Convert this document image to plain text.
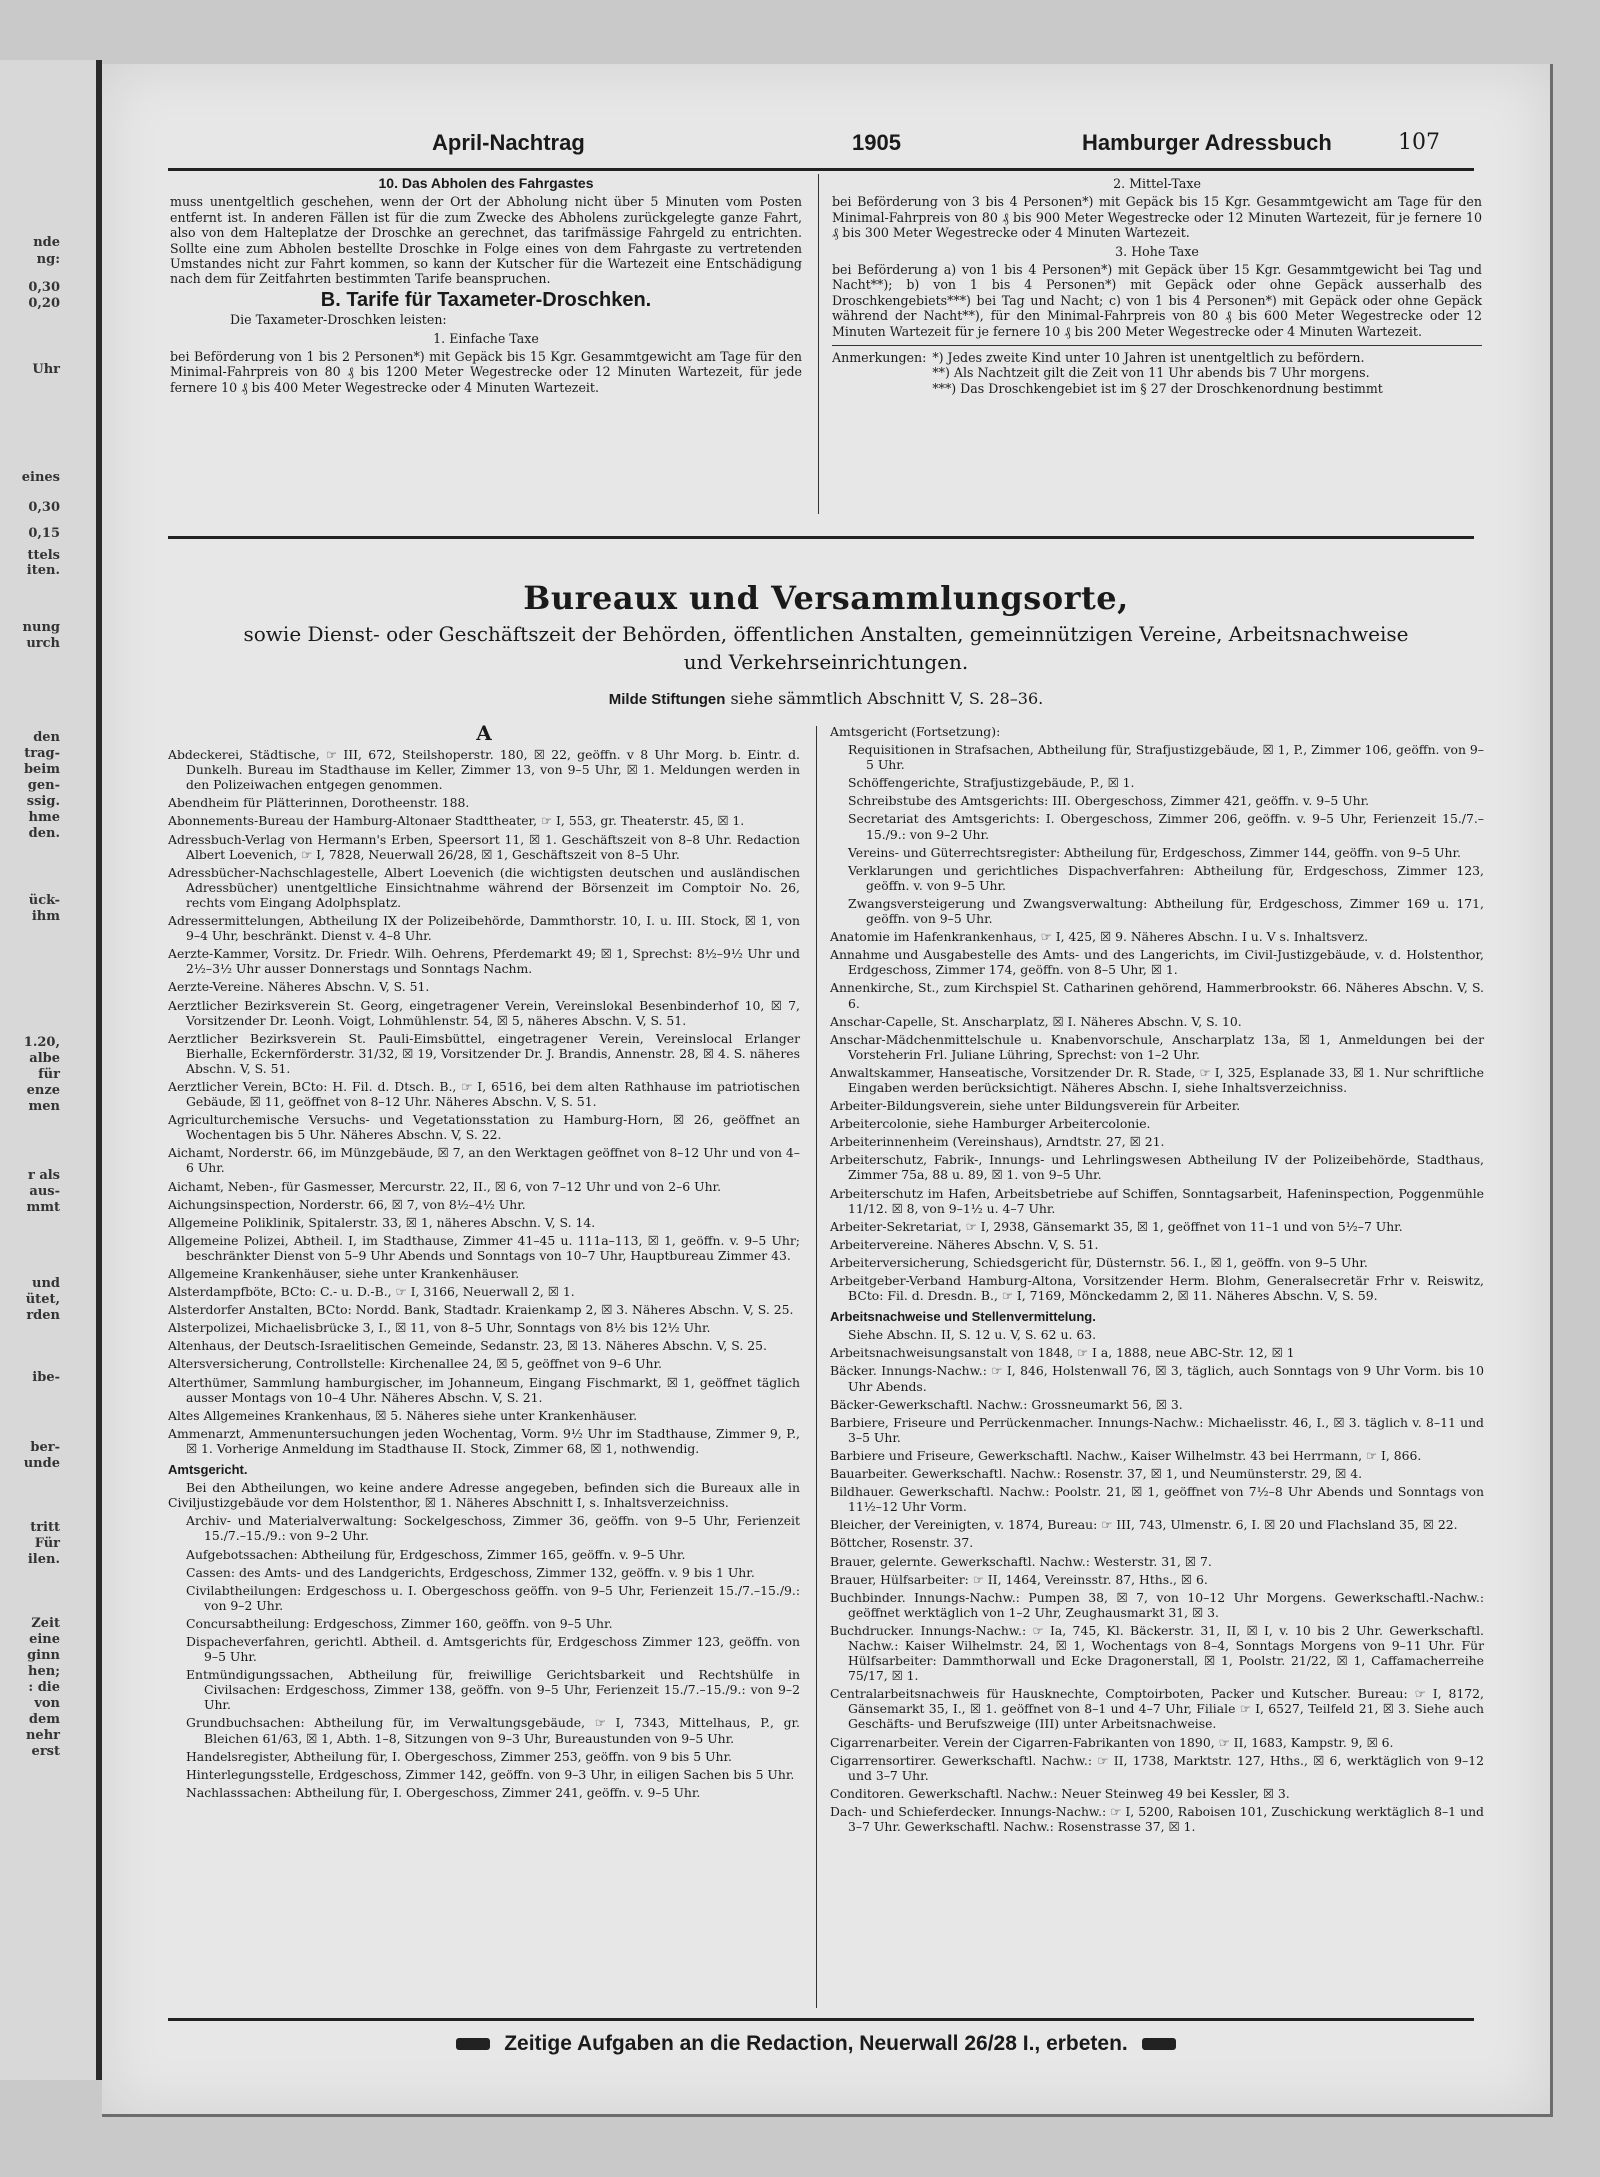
nde
ng:
0,30
0,20
Uhr
eines
0,30
0,15
ttels
iten.
nung
urch
den
trag-
beim
gen-
ssig.
hme
den.
ück-
ihm
1.20,
albe
für
enze
men
r als
aus-
mmt
und
ütet,
rden
ibe-
ber-
unde
tritt
Für
ilen.
Zeit
eine
ginn
hen;
: die
von
dem
nehr
erst
April-Nachtrag	1905	Hamburger Adressbuch	107

10. Das Abholen des Fahrgastes

muss unentgeltlich geschehen, wenn der Ort der Abholung nicht über 5 Minuten vom Posten entfernt ist. In anderen Fällen ist für die zum Zwecke des Abholens zurückgelegte ganze Fahrt, also von dem Halteplatze der Droschke an gerechnet, das tarifmässige Fahrgeld zu entrichten. Sollte eine zum Abholen bestellte Droschke in Folge eines von dem Fahrgaste zu vertretenden Umstandes nicht zur Fahrt kommen, so kann der Kutscher für die Wartezeit eine Entschädigung nach dem für Zeitfahrten bestimmten Tarife beanspruchen.

B. Tarife für Taxameter-Droschken.

Die Taxameter-Droschken leisten:

1. Einfache Taxe

bei Beförderung von 1 bis 2 Personen*) mit Gepäck bis 15 Kgr. Gesammtgewicht am Tage für den Minimal-Fahrpreis von 80 ₰ bis 1200 Meter Wegestrecke oder 12 Minuten Wartezeit, für jede fernere 10 ₰ bis 400 Meter Wegestrecke oder 4 Minuten Wartezeit.

2. Mittel-Taxe

bei Beförderung von 3 bis 4 Personen*) mit Gepäck bis 15 Kgr. Gesammtgewicht am Tage für den Minimal-Fahrpreis von 80 ₰ bis 900 Meter Wegestrecke oder 12 Minuten Wartezeit, für je fernere 10 ₰ bis 300 Meter Wegestrecke oder 4 Minuten Wartezeit.

3. Hohe Taxe

bei Beförderung a) von 1 bis 4 Personen*) mit Gepäck über 15 Kgr. Gesammtgewicht bei Tag und Nacht**); b) von 1 bis 4 Personen*) mit Gepäck oder ohne Gepäck ausserhalb des Droschkengebiets***) bei Tag und Nacht; c) von 1 bis 4 Personen*) mit Gepäck oder ohne Gepäck während der Nacht**), für den Minimal-Fahrpreis von 80 ₰ bis 600 Meter Wegestrecke oder 12 Minuten Wartezeit für je fernere 10 ₰ bis 200 Meter Wegestrecke oder 4 Minuten Wartezeit.

Anmerkungen: *) Jedes zweite Kind unter 10 Jahren ist unentgeltlich zu befördern.
**) Als Nachtzeit gilt die Zeit von 11 Uhr abends bis 7 Uhr morgens.
***) Das Droschkengebiet ist im § 27 der Droschkenordnung bestimmt
Bureaux und Versammlungsorte,
sowie Dienst- oder Geschäftszeit der Behörden, öffentlichen Anstalten, gemeinnützigen Vereine, Arbeitsnachweise
und Verkehrseinrichtungen.
Milde Stiftungen siehe sämmtlich Abschnitt V, S. 28–36.

A

Abdeckerei, Städtische, ☞ III, 672, Steilshoperstr. 180, ☒ 22, geöffn. v 8 Uhr Morg. b. Eintr. d. Dunkelh. Bureau im Stadthause im Keller, Zimmer 13, von 9–5 Uhr, ☒ 1. Meldungen werden in den Polizeiwachen entgegen genommen.

Abendheim für Plätterinnen, Dorotheenstr. 188.

Abonnements-Bureau der Hamburg-Altonaer Stadttheater, ☞ I, 553, gr. Theaterstr. 45, ☒ 1.

Adressbuch-Verlag von Hermann's Erben, Speersort 11, ☒ 1. Geschäftszeit von 8–8 Uhr. Redaction Albert Loevenich, ☞ I, 7828, Neuerwall 26/28, ☒ 1, Geschäftszeit von 8–5 Uhr.

Adressbücher-Nachschlagestelle, Albert Loevenich (die wichtigsten deutschen und ausländischen Adressbücher) unentgeltliche Einsichtnahme während der Börsenzeit im Comptoir No. 26, rechts vom Eingang Adolphsplatz.

Adressermittelungen, Abtheilung IX der Polizeibehörde, Dammthorstr. 10, I. u. III. Stock, ☒ 1, von 9–4 Uhr, beschränkt. Dienst v. 4–8 Uhr.

Aerzte-Kammer, Vorsitz. Dr. Friedr. Wilh. Oehrens, Pferdemarkt 49; ☒ 1, Sprechst: 8½–9½ Uhr und 2½–3½ Uhr ausser Donnerstags und Sonntags Nachm.

Aerzte-Vereine. Näheres Abschn. V, S. 51.

Aerztlicher Bezirksverein St. Georg, eingetragener Verein, Vereinslokal Besenbinderhof 10, ☒ 7, Vorsitzender Dr. Leonh. Voigt, Lohmühlenstr. 54, ☒ 5, näheres Abschn. V, S. 51.

Aerztlicher Bezirksverein St. Pauli-Eimsbüttel, eingetragener Verein, Vereinslocal Erlanger Bierhalle, Eckernförderstr. 31/32, ☒ 19, Vorsitzender Dr. J. Brandis, Annenstr. 28, ☒ 4. S. näheres Abschn. V, S. 51.

Aerztlicher Verein, BCto: H. Fil. d. Dtsch. B., ☞ I, 6516, bei dem alten Rathhause im patriotischen Gebäude, ☒ 11, geöffnet von 8–12 Uhr. Näheres Abschn. V, S. 51.

Agriculturchemische Versuchs- und Vegetationsstation zu Hamburg-Horn, ☒ 26, geöffnet an Wochentagen bis 5 Uhr. Näheres Abschn. V, S. 22.

Aichamt, Norderstr. 66, im Münzgebäude, ☒ 7, an den Werktagen geöffnet von 8–12 Uhr und von 4–6 Uhr.

Aichamt, Neben-, für Gasmesser, Mercurstr. 22, II., ☒ 6, von 7–12 Uhr und von 2–6 Uhr.

Aichungsinspection, Norderstr. 66, ☒ 7, von 8½–4½ Uhr.

Allgemeine Poliklinik, Spitalerstr. 33, ☒ 1, näheres Abschn. V, S. 14.

Allgemeine Polizei, Abtheil. I, im Stadthause, Zimmer 41–45 u. 111a–113, ☒ 1, geöffn. v. 9–5 Uhr; beschränkter Dienst von 5–9 Uhr Abends und Sonntags von 10–7 Uhr, Hauptbureau Zimmer 43.

Allgemeine Krankenhäuser, siehe unter Krankenhäuser.

Alsterdampfböte, BCto: C.- u. D.-B., ☞ I, 3166, Neuerwall 2, ☒ 1.

Alsterdorfer Anstalten, BCto: Nordd. Bank, Stadtadr. Kraienkamp 2, ☒ 3. Näheres Abschn. V, S. 25.

Alsterpolizei, Michaelisbrücke 3, I., ☒ 11, von 8–5 Uhr, Sonntags von 8½ bis 12½ Uhr.

Altenhaus, der Deutsch-Israelitischen Gemeinde, Sedanstr. 23, ☒ 13. Näheres Abschn. V, S. 25.

Altersversicherung, Controllstelle: Kirchenallee 24, ☒ 5, geöffnet von 9–6 Uhr.

Alterthümer, Sammlung hamburgischer, im Johanneum, Eingang Fischmarkt, ☒ 1, geöffnet täglich ausser Montags von 10–4 Uhr. Näheres Abschn. V, S. 21.

Altes Allgemeines Krankenhaus, ☒ 5. Näheres siehe unter Krankenhäuser.

Ammenarzt, Ammenuntersuchungen jeden Wochentag, Vorm. 9½ Uhr im Stadthause, Zimmer 9, P., ☒ 1. Vorherige Anmeldung im Stadthause II. Stock, Zimmer 68, ☒ 1, nothwendig.

Amtsgericht.

Bei den Abtheilungen, wo keine andere Adresse angegeben, befinden sich die Bureaux alle in Civiljustizgebäude vor dem Holstenthor, ☒ 1. Näheres Abschnitt I, s. Inhaltsverzeichniss.

Archiv- und Materialverwaltung: Sockelgeschoss, Zimmer 36, geöffn. von 9–5 Uhr, Ferienzeit 15./7.–15./9.: von 9–2 Uhr.

Aufgebotssachen: Abtheilung für, Erdgeschoss, Zimmer 165, geöffn. v. 9–5 Uhr.

Cassen: des Amts- und des Landgerichts, Erdgeschoss, Zimmer 132, geöffn. v. 9 bis 1 Uhr.

Civilabtheilungen: Erdgeschoss u. I. Obergeschoss geöffn. von 9–5 Uhr, Ferienzeit 15./7.–15./9.: von 9–2 Uhr.

Concursabtheilung: Erdgeschoss, Zimmer 160, geöffn. von 9–5 Uhr.

Dispacheverfahren, gerichtl. Abtheil. d. Amtsgerichts für, Erdgeschoss Zimmer 123, geöffn. von 9–5 Uhr.

Entmündigungssachen, Abtheilung für, freiwillige Gerichtsbarkeit und Rechtshülfe in Civilsachen: Erdgeschoss, Zimmer 138, geöffn. von 9–5 Uhr, Ferienzeit 15./7.–15./9.: von 9–2 Uhr.

Grundbuchsachen: Abtheilung für, im Verwaltungsgebäude, ☞ I, 7343, Mittelhaus, P., gr. Bleichen 61/63, ☒ 1, Abth. 1–8, Sitzungen von 9–3 Uhr, Bureaustunden von 9–5 Uhr.

Handelsregister, Abtheilung für, I. Obergeschoss, Zimmer 253, geöffn. von 9 bis 5 Uhr.

Hinterlegungsstelle, Erdgeschoss, Zimmer 142, geöffn. von 9–3 Uhr, in eiligen Sachen bis 5 Uhr.

Nachlasssachen: Abtheilung für, I. Obergeschoss, Zimmer 241, geöffn. v. 9–5 Uhr.

Amtsgericht (Fortsetzung):

Requisitionen in Strafsachen, Abtheilung für, Strafjustizgebäude, ☒ 1, P., Zimmer 106, geöffn. von 9–5 Uhr.

Schöffengerichte, Strafjustizgebäude, P., ☒ 1.

Schreibstube des Amtsgerichts: III. Obergeschoss, Zimmer 421, geöffn. v. 9–5 Uhr.

Secretariat des Amtsgerichts: I. Obergeschoss, Zimmer 206, geöffn. v. 9–5 Uhr, Ferienzeit 15./7.–15./9.: von 9–2 Uhr.

Vereins- und Güterrechtsregister: Abtheilung für, Erdgeschoss, Zimmer 144, geöffn. von 9–5 Uhr.

Verklarungen und gerichtliches Dispachverfahren: Abtheilung für, Erdgeschoss, Zimmer 123, geöffn. v. von 9–5 Uhr.

Zwangsversteigerung und Zwangsverwaltung: Abtheilung für, Erdgeschoss, Zimmer 169 u. 171, geöffn. von 9–5 Uhr.

Anatomie im Hafenkrankenhaus, ☞ I, 425, ☒ 9. Näheres Abschn. I u. V s. Inhaltsverz.

Annahme und Ausgabestelle des Amts- und des Langerichts, im Civil-Justizgebäude, v. d. Holstenthor, Erdgeschoss, Zimmer 174, geöffn. von 8–5 Uhr, ☒ 1.

Annenkirche, St., zum Kirchspiel St. Catharinen gehörend, Hammerbrookstr. 66. Näheres Abschn. V, S. 6.

Anschar-Capelle, St. Anscharplatz, ☒ I. Näheres Abschn. V, S. 10.

Anschar-Mädchenmittelschule u. Knabenvorschule, Anscharplatz 13a, ☒ 1, Anmeldungen bei der Vorsteherin Frl. Juliane Lühring, Sprechst: von 1–2 Uhr.

Anwaltskammer, Hanseatische, Vorsitzender Dr. R. Stade, ☞ I, 325, Esplanade 33, ☒ 1. Nur schriftliche Eingaben werden berücksichtigt. Näheres Abschn. I, siehe Inhaltsverzeichniss.

Arbeiter-Bildungsverein, siehe unter Bildungsverein für Arbeiter.

Arbeitercolonie, siehe Hamburger Arbeitercolonie.

Arbeiterinnenheim (Vereinshaus), Arndtstr. 27, ☒ 21.

Arbeiterschutz, Fabrik-, Innungs- und Lehrlingswesen Abtheilung IV der Polizeibehörde, Stadthaus, Zimmer 75a, 88 u. 89, ☒ 1. von 9–5 Uhr.

Arbeiterschutz im Hafen, Arbeitsbetriebe auf Schiffen, Sonntagsarbeit, Hafeninspection, Poggenmühle 11/12. ☒ 8, von 9–1½ u. 4–7 Uhr.

Arbeiter-Sekretariat, ☞ I, 2938, Gänsemarkt 35, ☒ 1, geöffnet von 11–1 und von 5½–7 Uhr.

Arbeitervereine. Näheres Abschn. V, S. 51.

Arbeiterversicherung, Schiedsgericht für, Düsternstr. 56. I., ☒ 1, geöffn. von 9–5 Uhr.

Arbeitgeber-Verband Hamburg-Altona, Vorsitzender Herm. Blohm, Generalsecretär Frhr v. Reiswitz, BCto: Fil. d. Dresdn. B., ☞ I, 7169, Mönckedamm 2, ☒ 11. Näheres Abschn. V, S. 59.

Arbeitsnachweise und Stellenvermittelung.

Siehe Abschn. II, S. 12 u. V, S. 62 u. 63.

Arbeitsnachweisungsanstalt von 1848, ☞ I a, 1888, neue ABC-Str. 12, ☒ 1

Bäcker. Innungs-Nachw.: ☞ I, 846, Holstenwall 76, ☒ 3, täglich, auch Sonntags von 9 Uhr Vorm. bis 10 Uhr Abends.

Bäcker-Gewerkschaftl. Nachw.: Grossneumarkt 56, ☒ 3.

Barbiere, Friseure und Perrückenmacher. Innungs-Nachw.: Michaelisstr. 46, I., ☒ 3. täglich v. 8–11 und 3–5 Uhr.

Barbiere und Friseure, Gewerkschaftl. Nachw., Kaiser Wilhelmstr. 43 bei Herrmann, ☞ I, 866.

Bauarbeiter. Gewerkschaftl. Nachw.: Rosenstr. 37, ☒ 1, und Neumünsterstr. 29, ☒ 4.

Bildhauer. Gewerkschaftl. Nachw.: Poolstr. 21, ☒ 1, geöffnet von 7½–8 Uhr Abends und Sonntags von 11½–12 Uhr Vorm.

Bleicher, der Vereinigten, v. 1874, Bureau: ☞ III, 743, Ulmenstr. 6, I. ☒ 20 und Flachsland 35, ☒ 22.

Böttcher, Rosenstr. 37.

Brauer, gelernte. Gewerkschaftl. Nachw.: Westerstr. 31, ☒ 7.

Brauer, Hülfsarbeiter: ☞ II, 1464, Vereinsstr. 87, Hths., ☒ 6.

Buchbinder. Innungs-Nachw.: Pumpen 38, ☒ 7, von 10–12 Uhr Morgens. Gewerkschaftl.-Nachw.: geöffnet werktäglich von 1–2 Uhr, Zeughausmarkt 31, ☒ 3.

Buchdrucker. Innungs-Nachw.: ☞ Ia, 745, Kl. Bäckerstr. 31, II, ☒ I, v. 10 bis 2 Uhr. Gewerkschaftl. Nachw.: Kaiser Wilhelmstr. 24, ☒ 1, Wochentags von 8–4, Sonntags Morgens von 9–11 Uhr. Für Hülfsarbeiter: Dammthorwall und Ecke Dragonerstall, ☒ 1, Poolstr. 21/22, ☒ 1, Caffamacherreihe 75/17, ☒ 1.

Centralarbeitsnachweis für Hausknechte, Comptoirboten, Packer und Kutscher. Bureau: ☞ I, 8172, Gänsemarkt 35, I., ☒ 1. geöffnet von 8–1 und 4–7 Uhr, Filiale ☞ I, 6527, Teilfeld 21, ☒ 3. Siehe auch Geschäfts- und Berufszweige (III) unter Arbeitsnachweise.

Cigarrenarbeiter. Verein der Cigarren-Fabrikanten von 1890, ☞ II, 1683, Kampstr. 9, ☒ 6.

Cigarrensortirer. Gewerkschaftl. Nachw.: ☞ II, 1738, Marktstr. 127, Hths., ☒ 6, werktäglich von 9–12 und 3–7 Uhr.

Conditoren. Gewerkschaftl. Nachw.: Neuer Steinweg 49 bei Kessler, ☒ 3.

Dach- und Schieferdecker. Innungs-Nachw.: ☞ I, 5200, Raboisen 101, Zuschickung werktäglich 8–1 und 3–7 Uhr. Gewerkschaftl. Nachw.: Rosenstrasse 37, ☒ 1.

Zeitige Aufgaben an die Redaction, Neuerwall 26/28 I., erbeten.
